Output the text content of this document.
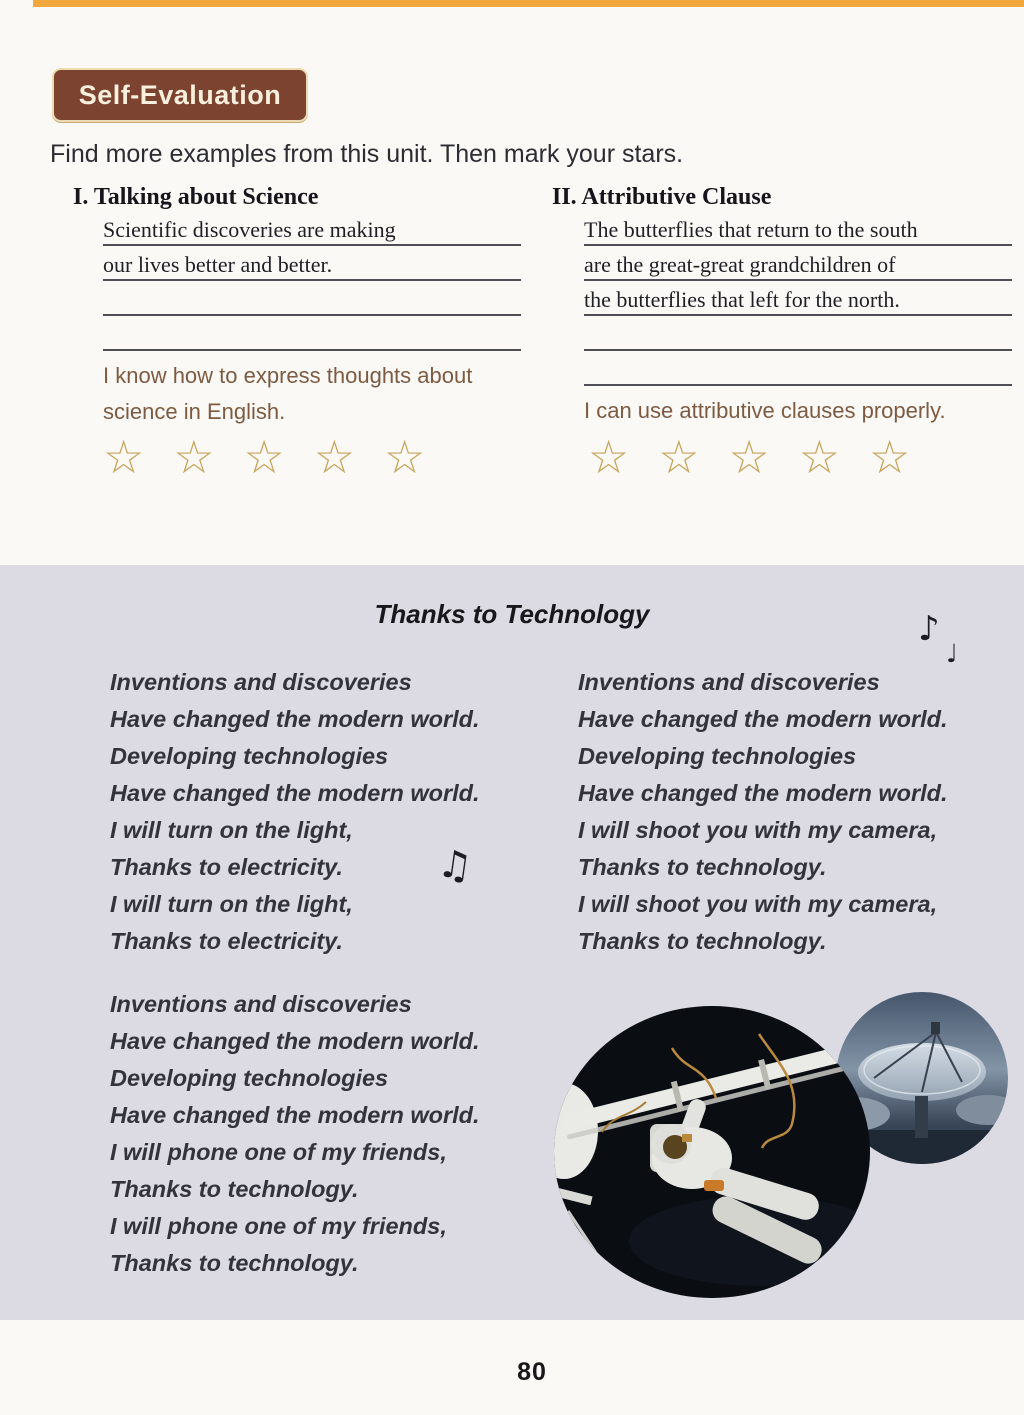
Self-Evaluation
Find more examples from this unit. Then mark your stars.
I. Talking about Science
Scientific discoveries are making
our lives better and better.
I know how to express thoughts about science in English.
☆ ☆ ☆ ☆ ☆
II. Attributive Clause
The butterflies that return to the south
are the great-great grandchildren of
the butterflies that left for the north.
I can use attributive clauses properly.
☆ ☆ ☆ ☆ ☆
Thanks to Technology	♪
♩
♫
Inventions and discoveries
Have changed the modern world.
Developing technologies
Have changed the modern world.
I will turn on the light,
Thanks to electricity.
I will turn on the light,
Thanks to electricity.
Inventions and discoveries
Have changed the modern world.
Developing technologies
Have changed the modern world.
I will shoot you with my camera,
Thanks to technology.
I will shoot you with my camera,
Thanks to technology.
Inventions and discoveries
Have changed the modern world.
Developing technologies
Have changed the modern world.
I will phone one of my friends,
Thanks to technology.
I will phone one of my friends,
Thanks to technology.
80
